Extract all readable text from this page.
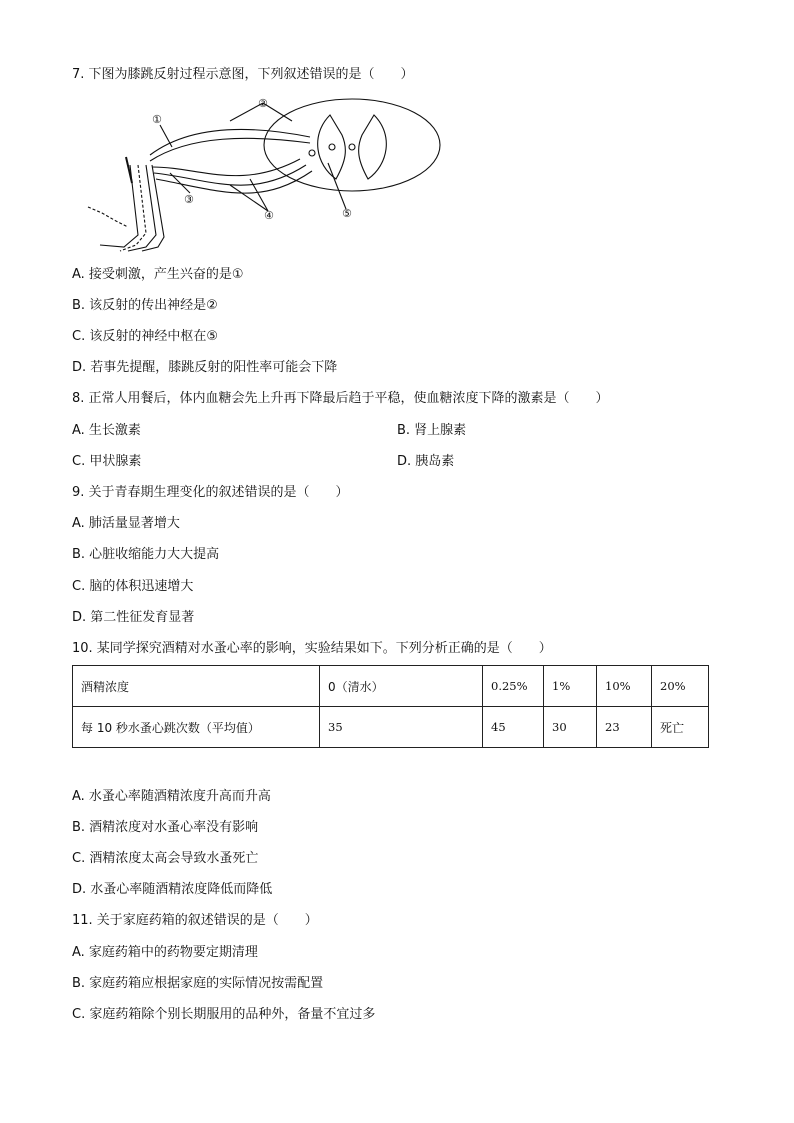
7. 下图为膝跳反射过程示意图，下列叙述错误的是（　　）
①
②
③
④	⑤
A. 接受刺激，产生兴奋的是①
B. 该反射的传出神经是②
C. 该反射的神经中枢在⑤
D. 若事先提醒，膝跳反射的阳性率可能会下降
8. 正常人用餐后，体内血糖会先上升再下降最后趋于平稳，使血糖浓度下降的激素是（　　）
A. 生长激素	B. 肾上腺素
C. 甲状腺素	D. 胰岛素
9. 关于青春期生理变化的叙述错误的是（　　）
A. 肺活量显著增大
B. 心脏收缩能力大大提高
C. 脑的体积迅速增大
D. 第二性征发育显著
10. 某同学探究酒精对水蚤心率的影响，实验结果如下。下列分析正确的是（　　）
酒精浓度	0（清水）	0.25%	1%	10%	20%
每 10 秒水蚤心跳次数（平均值）	35	45	30	23	死亡
A. 水蚤心率随酒精浓度升高而升高
B. 酒精浓度对水蚤心率没有影响
C. 酒精浓度太高会导致水蚤死亡
D. 水蚤心率随酒精浓度降低而降低
11. 关于家庭药箱的叙述错误的是（　　）
A. 家庭药箱中的药物要定期清理
B. 家庭药箱应根据家庭的实际情况按需配置
C. 家庭药箱除个别长期服用的品种外，备量不宜过多
